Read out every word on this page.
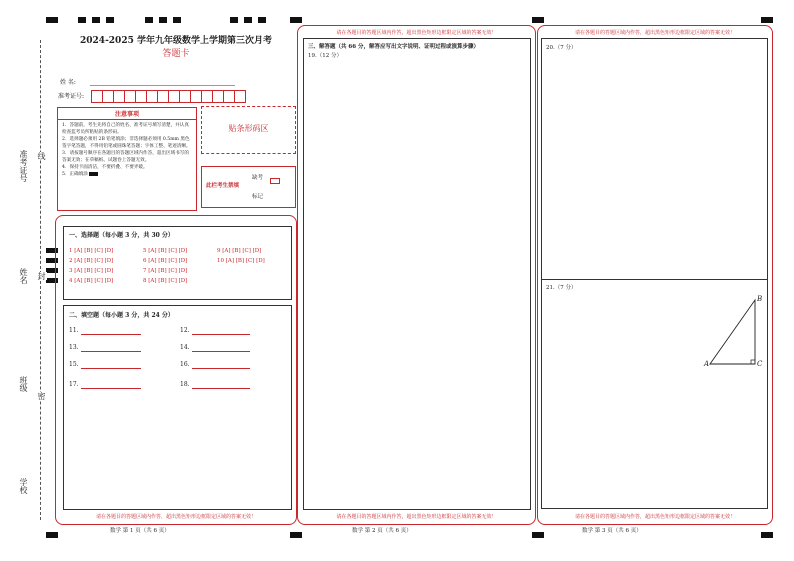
准考证号 线
姓名 封
班级
密
学校
2024-2025 学年九年级数学上学期第三次月考
答题卡
姓 名:
准考证号:
注意事项
1．答题前，考生先将自己的姓名、准考证号填写清楚，并认真检查监考员所粘贴的条形码。
2．选择题必须用 2B 铅笔填涂；非选择题必须用 0.5mm 黑色签字笔答题，不得用铅笔或圆珠笔答题；字体工整、笔迹清晰。
3．请按题号顺序在各题目的答题区域内作答，超出区域书写的答案无效；在草稿纸、试题卷上答题无效。
4．保持卡面清洁，不要折叠、不要弄破。
5．正确填涂
贴条形码区
此栏考生禁填
缺考
标记
请在各题目的答题区域内作答，超出黑色矩形边框限定区域的答案无效！
一、选择题（每小题 3 分，共 30 分）
1 [A] [B] [C] [D]
2 [A] [B] [C] [D]
3 [A] [B] [C] [D]
4 [A] [B] [C] [D]
5 [A] [B] [C] [D]
6 [A] [B] [C] [D]
7 [A] [B] [C] [D]
8 [A] [B] [C] [D]
9 [A] [B] [C] [D]
10 [A] [B] [C] [D]
二、填空题（每小题 3 分，共 24 分）
11.	12.
13.	14.
15.	16.
17.	18.
数学 第 1 页（共 6 页）
请在各题目的答题区域内作答，超出黑色矩形边框限定区域的答案无效！
请在各题目的答题区域内作答，超出黑色矩形边框限定区域的答案无效！
三、解答题（共 66 分，解答应写出文字说明、证明过程或演算步骤）
19.（12 分）
数学 第 2 页（共 6 页）
请在各题目的答题区域内作答，超出黑色矩形边框限定区域的答案无效！
请在各题目的答题区域内作答，超出黑色矩形边框限定区域的答案无效！
20.（7 分）
21.（7 分）
A
B
C
数学 第 3 页（共 6 页）
